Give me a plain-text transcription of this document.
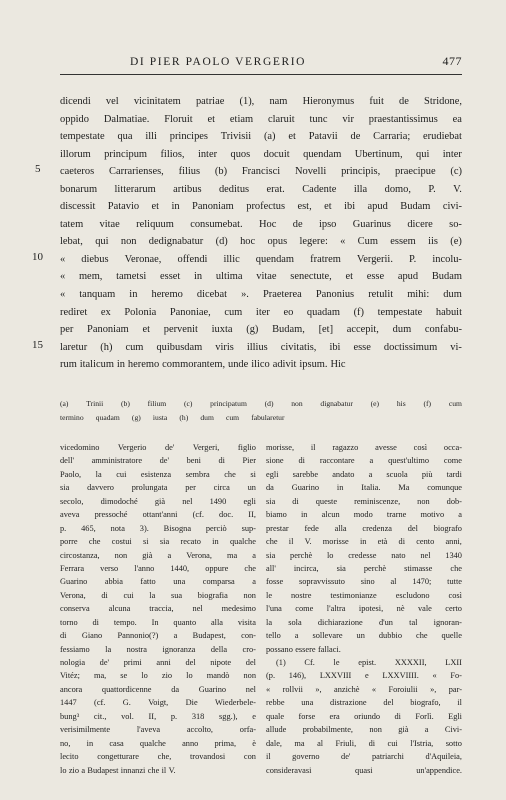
DI PIER PAOLO VERGERIO	477
dicendi vel vicinitatem patriae (1), nam Hieronymus fuit de Stridone,
oppido Dalmatiae. Floruit et etiam claruit tunc vir praestantissimus ea
tempestate qua illi principes Trivisii (a) et Patavii de Carraria; erudiebat
illorum principum filios, inter quos docuit quendam Ubertinum, qui inter
caeteros Carrarienses, filius (b) Francisci Novelli principis, praecipue (c)
bonarum litterarum artibus deditus erat. Cadente illa domo, P. V.
discessit Patavio et in Panoniam profectus est, et ibi apud Budam civi-
tatem vitae reliquum consumebat. Hoc de ipso Guarinus dicere so-
lebat, qui non dedignabatur (d) hoc opus legere: « Cum essem iis (e)
« diebus Veronae, offendi illic quendam fratrem Vergerii. P. incolu-
« mem, tametsi esset in ultima vitae senectute, et esse apud Budam
« tanquam in heremo dicebat ». Praeterea Panonius retulit mihi: dum
rediret ex Polonia Panoniae, cum iter eo quadam (f) tempestate habuit
per Panoniam et pervenit iuxta (g) Budam, [et] accepit, dum confabu-
laretur (h) cum quibusdam viris illius civitatis, ibi esse doctissimum vi-
rum italicum in heremo commorantem, unde ilico adivit ipsum. Hic
5
10
15
(a) Trinii (b) filium (c) principatum (d) non dignabatur (e) his (f) cum
termino quadam (g) iusta (h) dum cum fabularetur
vicedomino Vergerio de' Vergeri, figlio
dell' amministratore de' beni di Pier
Paolo, la cui esistenza sembra che si
sia davvero prolungata per circa un
secolo, dimodoché già nel 1490 egli
aveva pressoché ottant'anni (cf. doc. II,
p. 465, nota 3). Bisogna perciò sup-
porre che costui si sia recato in qualche
circostanza, non già a Verona, ma a
Ferrara verso l'anno 1440, oppure che
Guarino abbia fatto una comparsa a
Verona, di cui la sua biografia non
conserva alcuna traccia, nel medesimo
torno di tempo. In quanto alla visita
di Giano Pannonio(?) a Budapest, con-
fessiamo la nostra ignoranza della cro-
nologia de' primi anni del nipote del
Vitéz; ma, se lo zio lo mandò non
ancora quattordicenne da Guarino nel
1447 (cf. G. Voigt, Die Wiederbele-
bung³ cit., vol. II, p. 318 sgg.), e
verisimilmente	l'aveva	accolto,	orfa-
no, in casa qualche anno prima, è
lecito congetturare che, trovandosi con
lo zio a Budapest innanzi che il V.
morisse, il ragazzo avesse così occa-
sione di raccontare a quest'ultimo come
egli sarebbe andato a scuola più tardi
da Guarino in Italia. Ma comunque
sia di queste reminiscenze, non dob-
biamo in alcun modo trarne motivo a
prestar fede alla credenza del biografo
che il V. morisse in età di cento anni,
sia perchè lo credesse nato nel 1340
all' incirca, sia perchè stimasse che
fosse sopravvissuto sino al 1470; tutte
le nostre testimonianze escludono così
l'una come l'altra ipotesi, nè vale certo
la sola dichiarazione d'un tal ignoran-
tello a sollevare un dubbio che quelle
possano essere fallaci.
(1) Cf. le epist. XXXXII, LXII
(p. 146), LXXVIII e LXXVIIII. « Fo-
« rollvii », anzichè « Foroiulii », par-
rebbe una distrazione del biografo, il
quale forse era oriundo di Forlì. Egli
allude probabilmente, non già a Civi-
dale, ma al Friuli, di cui l'Istria, sotto
il	governo	de'	patriarchi	d'Aquileia,
consideravasi	quasi	un'appendice.
